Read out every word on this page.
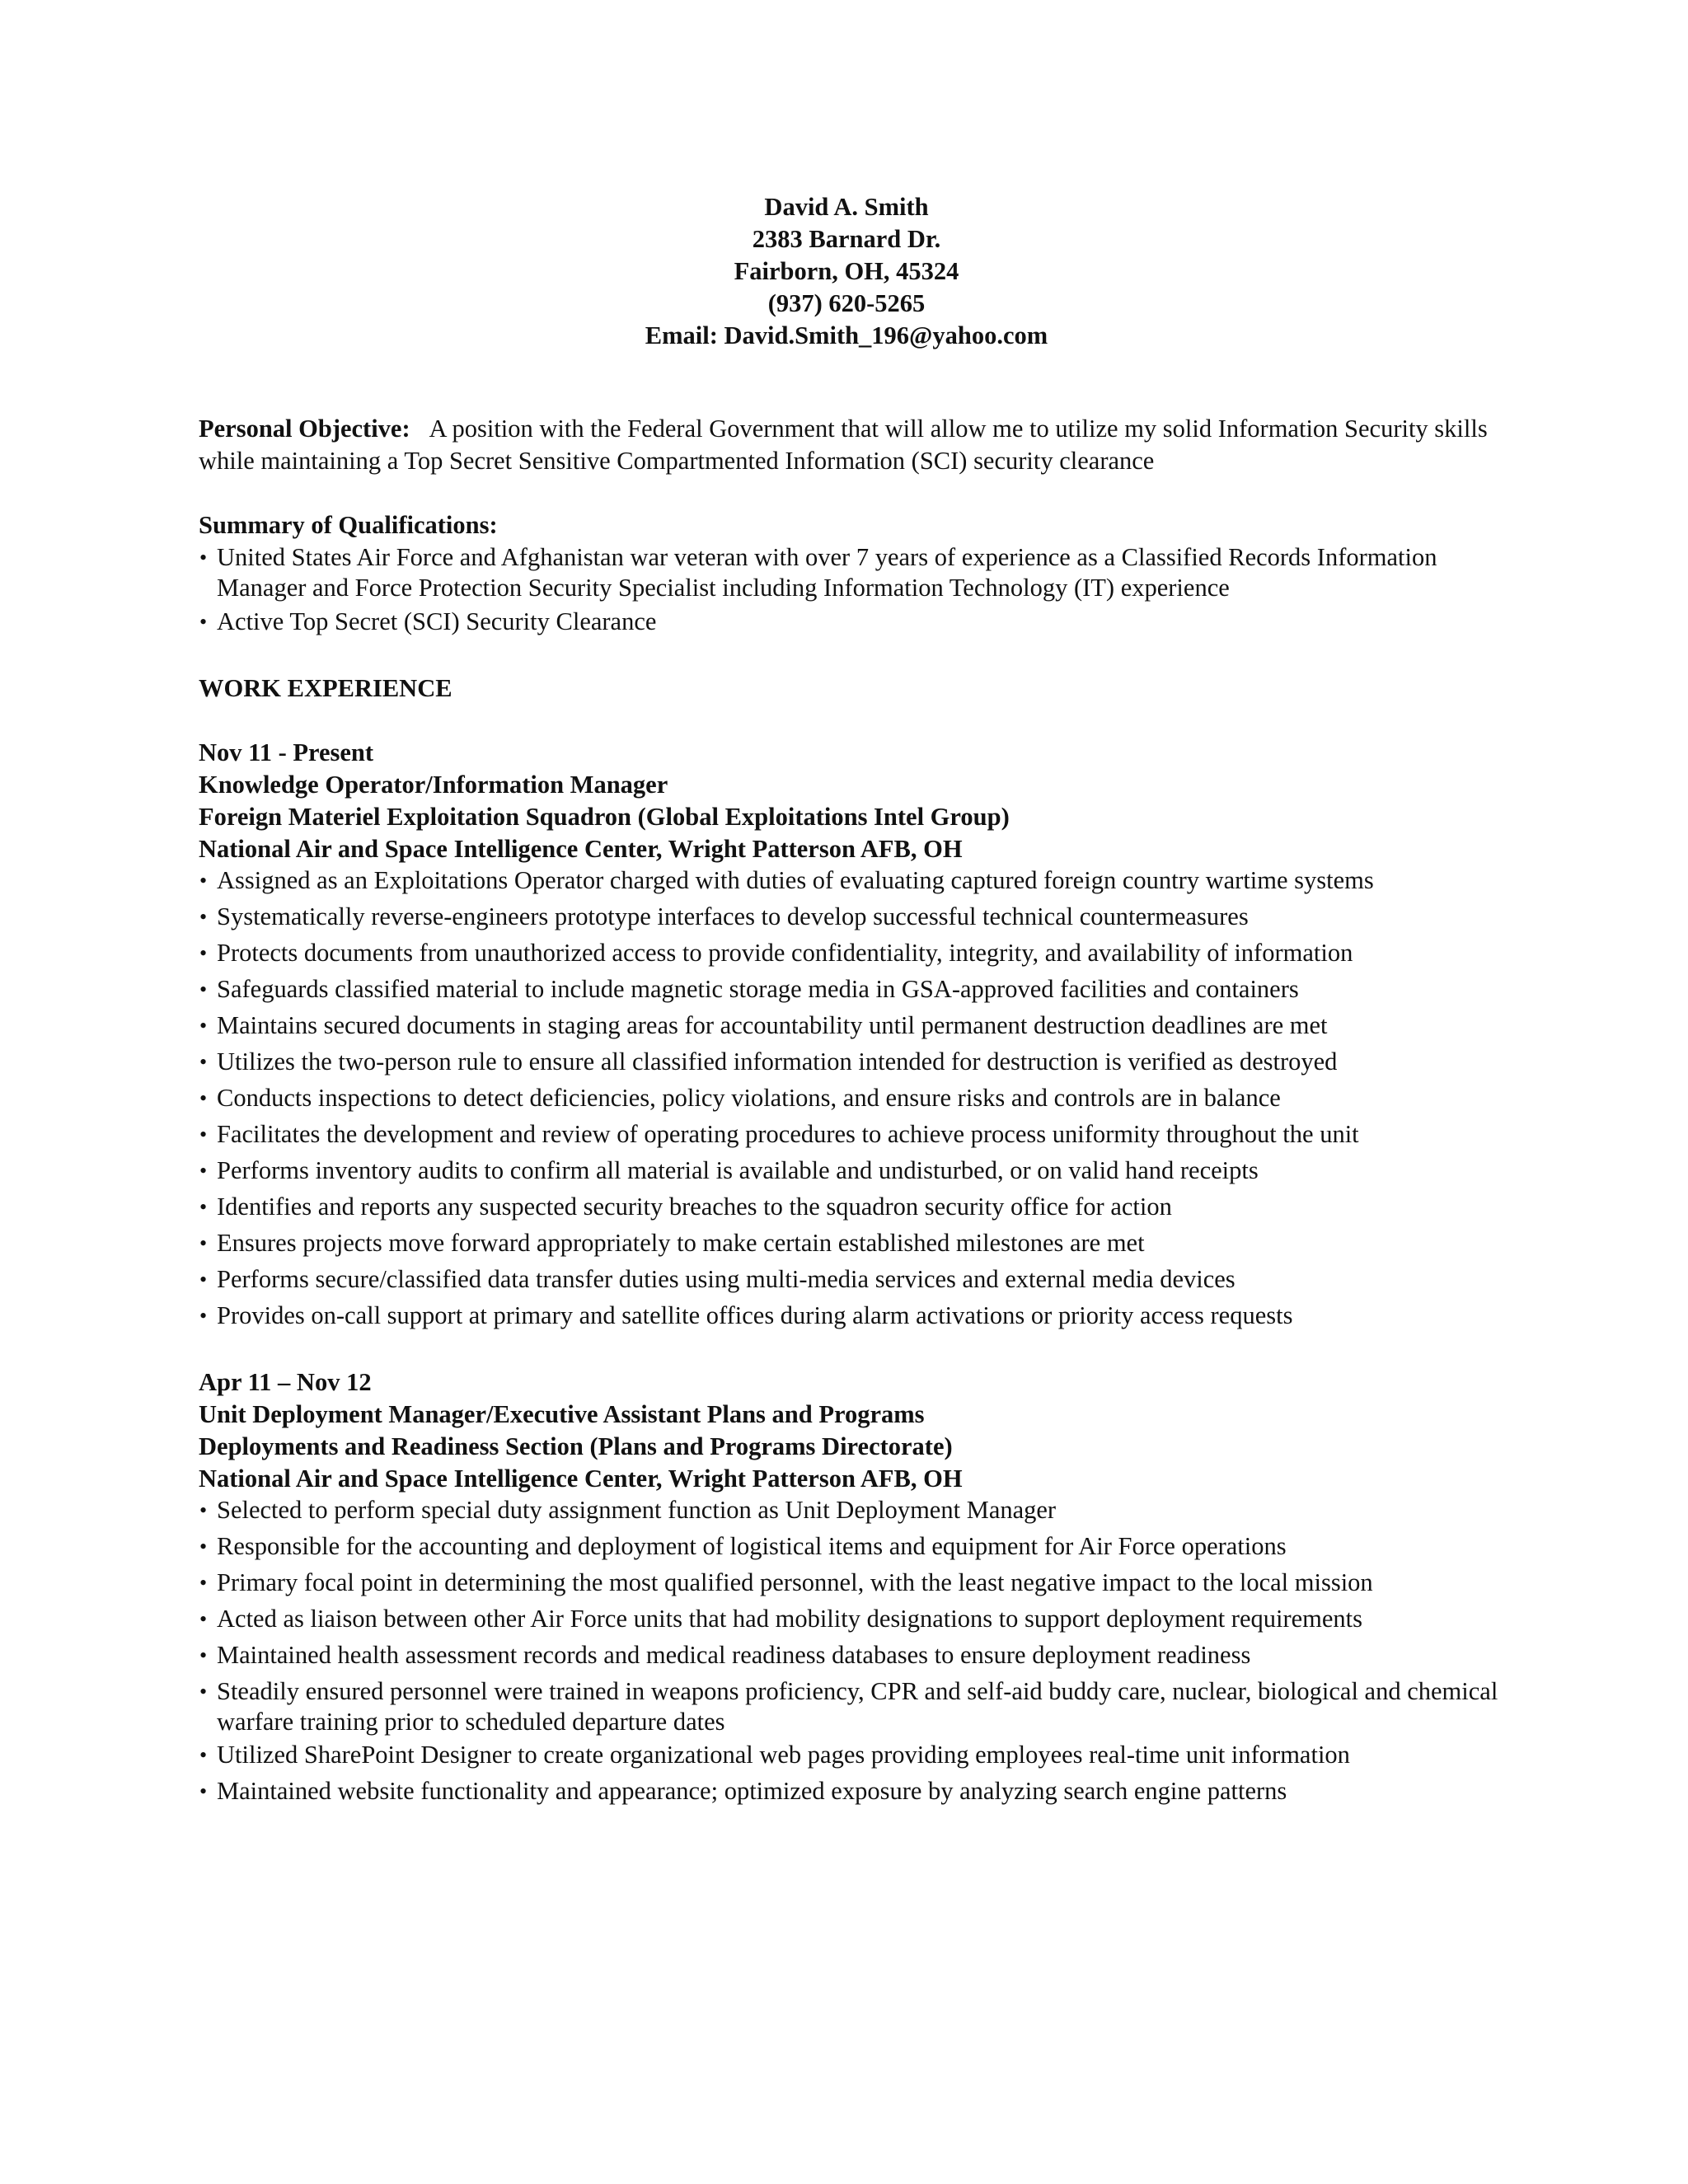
David A. Smith
2383 Barnard Dr.
Fairborn, OH, 45324
(937) 620-5265
Email: David.Smith_196@yahoo.com

Personal Objective: A position with the Federal Government that will allow me to utilize my solid Information Security skills while maintaining a Top Secret Sensitive Compartmented Information (SCI) security clearance

Summary of Qualifications:
• United States Air Force and Afghanistan war veteran with over 7 years of experience as a Classified Records Information Manager and Force Protection Security Specialist including Information Technology (IT) experience
• Active Top Secret (SCI) Security Clearance
WORK EXPERIENCE
Nov 11 - Present
Knowledge Operator/Information Manager
Foreign Materiel Exploitation Squadron (Global Exploitations Intel Group)
National Air and Space Intelligence Center, Wright Patterson AFB, OH
• Assigned as an Exploitations Operator charged with duties of evaluating captured foreign country wartime systems
• Systematically reverse-engineers prototype interfaces to develop successful technical countermeasures
• Protects documents from unauthorized access to provide confidentiality, integrity, and availability of information
• Safeguards classified material to include magnetic storage media in GSA-approved facilities and containers
• Maintains secured documents in staging areas for accountability until permanent destruction deadlines are met
• Utilizes the two-person rule to ensure all classified information intended for destruction is verified as destroyed
• Conducts inspections to detect deficiencies, policy violations, and ensure risks and controls are in balance
• Facilitates the development and review of operating procedures to achieve process uniformity throughout the unit
• Performs inventory audits to confirm all material is available and undisturbed, or on valid hand receipts
• Identifies and reports any suspected security breaches to the squadron security office for action
• Ensures projects move forward appropriately to make certain established milestones are met
• Performs secure/classified data transfer duties using multi-media services and external media devices
• Provides on-call support at primary and satellite offices during alarm activations or priority access requests
Apr 11 – Nov 12
Unit Deployment Manager/Executive Assistant Plans and Programs
Deployments and Readiness Section (Plans and Programs Directorate)
National Air and Space Intelligence Center, Wright Patterson AFB, OH
• Selected to perform special duty assignment function as Unit Deployment Manager
• Responsible for the accounting and deployment of logistical items and equipment for Air Force operations
• Primary focal point in determining the most qualified personnel, with the least negative impact to the local mission
• Acted as liaison between other Air Force units that had mobility designations to support deployment requirements
• Maintained health assessment records and medical readiness databases to ensure deployment readiness
• Steadily ensured personnel were trained in weapons proficiency, CPR and self-aid buddy care, nuclear, biological and chemical warfare training prior to scheduled departure dates
• Utilized SharePoint Designer to create organizational web pages providing employees real-time unit information
• Maintained website functionality and appearance; optimized exposure by analyzing search engine patterns
